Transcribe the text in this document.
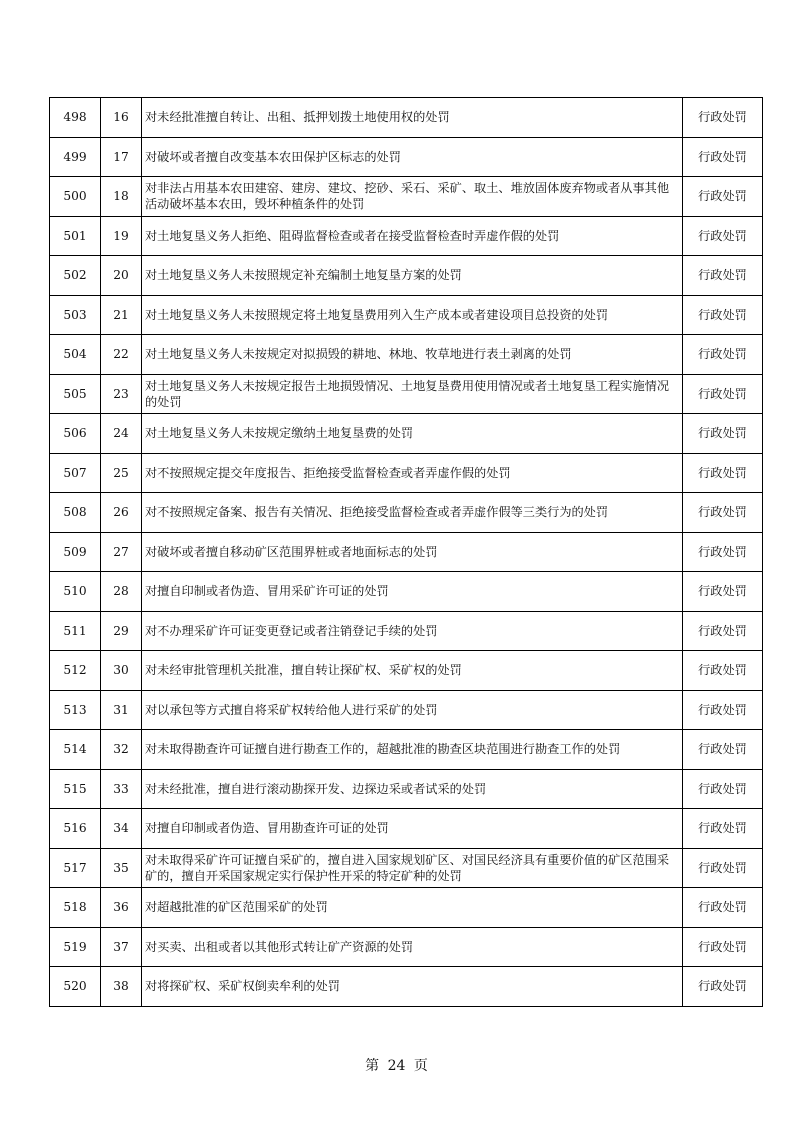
498	16	对未经批准擅自转让、出租、抵押划拨土地使用权的处罚	行政处罚
499	17	对破坏或者擅自改变基本农田保护区标志的处罚	行政处罚
500	18	对非法占用基本农田建窑、建房、建坟、挖砂、采石、采矿、取土、堆放固体废弃物或者从事其他活动破坏基本农田，毁坏种植条件的处罚	行政处罚
501	19	对土地复垦义务人拒绝、阻碍监督检查或者在接受监督检查时弄虚作假的处罚	行政处罚
502	20	对土地复垦义务人未按照规定补充编制土地复垦方案的处罚	行政处罚
503	21	对土地复垦义务人未按照规定将土地复垦费用列入生产成本或者建设项目总投资的处罚	行政处罚
504	22	对土地复垦义务人未按规定对拟损毁的耕地、林地、牧草地进行表土剥离的处罚	行政处罚
505	23	对土地复垦义务人未按规定报告土地损毁情况、土地复垦费用使用情况或者土地复垦工程实施情况的处罚	行政处罚
506	24	对土地复垦义务人未按规定缴纳土地复垦费的处罚	行政处罚
507	25	对不按照规定提交年度报告、拒绝接受监督检查或者弄虚作假的处罚	行政处罚
508	26	对不按照规定备案、报告有关情况、拒绝接受监督检查或者弄虚作假等三类行为的处罚	行政处罚
509	27	对破坏或者擅自移动矿区范围界桩或者地面标志的处罚	行政处罚
510	28	对擅自印制或者伪造、冒用采矿许可证的处罚	行政处罚
511	29	对不办理采矿许可证变更登记或者注销登记手续的处罚	行政处罚
512	30	对未经审批管理机关批准，擅自转让探矿权、采矿权的处罚	行政处罚
513	31	对以承包等方式擅自将采矿权转给他人进行采矿的处罚	行政处罚
514	32	对未取得勘查许可证擅自进行勘查工作的，超越批准的勘查区块范围进行勘查工作的处罚	行政处罚
515	33	对未经批准，擅自进行滚动勘探开发、边探边采或者试采的处罚	行政处罚
516	34	对擅自印制或者伪造、冒用勘查许可证的处罚	行政处罚
517	35	对未取得采矿许可证擅自采矿的，擅自进入国家规划矿区、对国民经济具有重要价值的矿区范围采矿的，擅自开采国家规定实行保护性开采的特定矿种的处罚	行政处罚
518	36	对超越批准的矿区范围采矿的处罚	行政处罚
519	37	对买卖、出租或者以其他形式转让矿产资源的处罚	行政处罚
520	38	对将探矿权、采矿权倒卖牟利的处罚	行政处罚
第 24 页
